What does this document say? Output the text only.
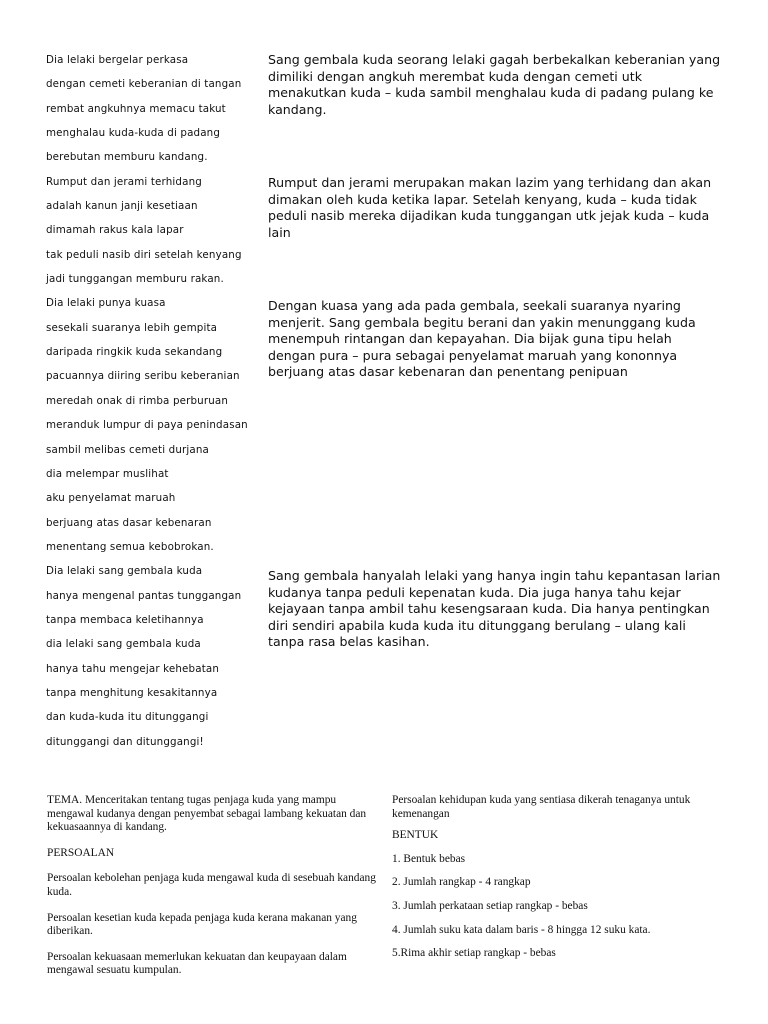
Dia lelaki bergelar perkasa
dengan cemeti keberanian di tangan
rembat angkuhnya memacu takut
menghalau kuda-kuda di padang
berebutan memburu kandang.
Rumput dan jerami terhidang
adalah kanun janji kesetiaan
dimamah rakus kala lapar
tak peduli nasib diri setelah kenyang
jadi tunggangan memburu rakan.
Dia lelaki punya kuasa
sesekali suaranya lebih gempita
daripada ringkik kuda sekandang
pacuannya diiring seribu keberanian
meredah onak di rimba perburuan
meranduk lumpur di paya penindasan
sambil melibas cemeti durjana
dia melempar muslihat
aku penyelamat maruah
berjuang atas dasar kebenaran
menentang semua kebobrokan.
Dia lelaki sang gembala kuda
hanya mengenal pantas tunggangan
tanpa membaca keletihannya
dia lelaki sang gembala kuda
hanya tahu mengejar kehebatan
tanpa menghitung kesakitannya
dan kuda-kuda itu ditunggangi
ditunggangi dan ditunggangi!
Sang gembala kuda seorang lelaki gagah berbekalkan keberanian yang dimiliki dengan angkuh merembat kuda dengan cemeti utk menakutkan kuda – kuda sambil menghalau kuda di padang pulang ke kandang.
Rumput dan jerami merupakan makan lazim yang terhidang dan akan dimakan oleh kuda ketika lapar. Setelah kenyang, kuda – kuda tidak peduli nasib mereka dijadikan kuda tunggangan utk jejak kuda – kuda lain
Dengan kuasa yang ada pada gembala, seekali suaranya nyaring menjerit. Sang gembala begitu berani dan yakin menunggang kuda menempuh rintangan dan kepayahan. Dia bijak guna tipu helah dengan pura – pura sebagai penyelamat maruah yang kononnya berjuang atas dasar kebenaran dan penentang penipuan
Sang gembala hanyalah lelaki yang hanya ingin tahu kepantasan larian kudanya tanpa peduli kepenatan kuda. Dia juga hanya tahu kejar kejayaan tanpa ambil tahu kesengsaraan kuda. Dia hanya pentingkan diri sendiri apabila kuda kuda itu ditunggang berulang – ulang kali tanpa rasa belas kasihan.

TEMA. Menceritakan tentang tugas penjaga kuda yang mampu mengawal kudanya dengan penyembat sebagai lambang kekuatan dan kekuasaannya di kandang.

PERSOALAN

Persoalan kebolehan penjaga kuda mengawal kuda di sesebuah kandang kuda.

Persoalan kesetian kuda kepada penjaga kuda kerana makanan yang diberikan.

Persoalan kekuasaan memerlukan kekuatan dan keupayaan dalam mengawal sesuatu kumpulan.

Persoalan kehidupan kuda yang sentiasa dikerah tenaganya untuk kemenangan

BENTUK

1. Bentuk bebas

2. Jumlah rangkap - 4 rangkap

3. Jumlah perkataan setiap rangkap - bebas

4. Jumlah suku kata dalam baris - 8 hingga 12 suku kata.

5.Rima akhir setiap rangkap - bebas
